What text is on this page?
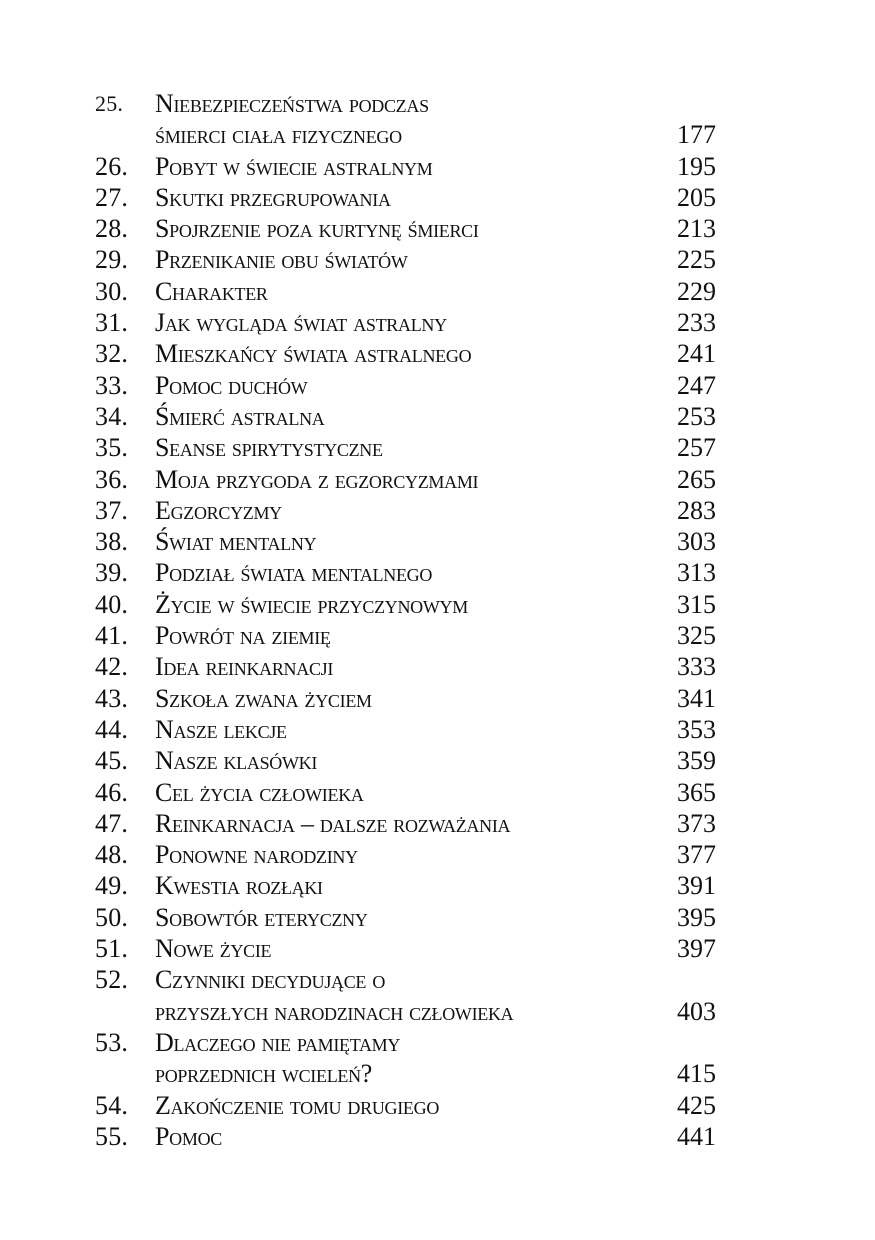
25. Niebezpieczeństwa podczas
śmierci ciała fizycznego	177
26. Pobyt w świecie astralnym	195
27. Skutki przegrupowania	205
28. Spojrzenie poza kurtynę śmierci	213
29. Przenikanie obu światów	225
30. Charakter	229
31. Jak wygląda świat astralny	233
32. Mieszkańcy świata astralnego	241
33. Pomoc duchów	247
34. Śmierć astralna	253
35. Seanse spirytystyczne	257
36. Moja przygoda z egzorcyzmami	265
37. Egzorcyzmy	283
38. Świat mentalny	303
39. Podział świata mentalnego	313
40. Życie w świecie przyczynowym	315
41. Powrót na ziemię	325
42. Idea reinkarnacji	333
43. Szkoła zwana życiem	341
44. Nasze lekcje	353
45. Nasze klasówki	359
46. Cel życia człowieka	365
47. Reinkarnacja – dalsze rozważania	373
48. Ponowne narodziny	377
49. Kwestia rozłąki	391
50. Sobowtór eteryczny	395
51. Nowe życie	397
52. Czynniki decydujące o
przyszłych narodzinach człowieka	403
53. Dlaczego nie pamiętamy
poprzednich wcieleń?	415
54. Zakończenie tomu drugiego	425
55. Pomoc	441
